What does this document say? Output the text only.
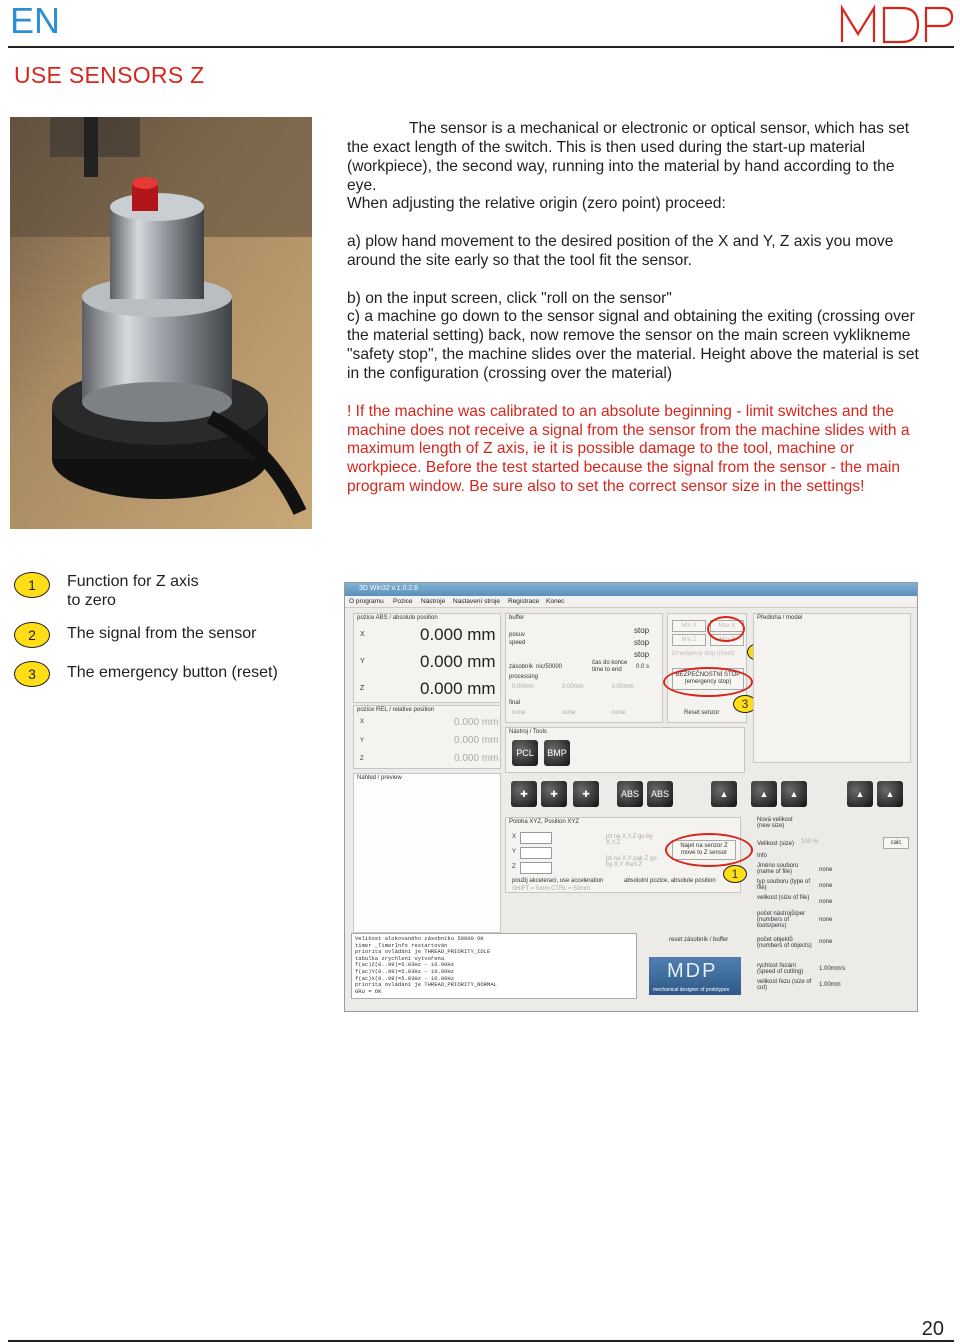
EN
USE SENSORS Z

The sensor is a mechanical or electronic or optical sensor, which has set the exact length of the switch. This is then used during the start-up material (workpiece), the second way, running into the material by hand according to the eye.

When adjusting the relative origin (zero point) proceed:

a) plow hand movement to the desired position of the X and Y, Z axis you move around the site early so that the tool fit the sensor.

b) on the input screen, click "roll on the sensor"

c) a machine go down to the sensor signal and obtaining the exiting (crossing over the material setting) back, now remove the sensor on the main screen vyklikneme "safety stop", the machine slides over the material. Height above the material is set in the configuration (crossing over the material)

! If the machine was calibrated to an absolute beginning - limit switches and the machine does not receive a signal from the sensor from the machine slides with a maximum length of Z axis, ie it is possible damage to the tool, machine or workpiece. Before the test started because the signal from the sensor - the main program window. Be sure also to set the correct sensor size in the settings!

1	Function for Z axis
to zero
2	The signal from the sensor
3	The emergency button (reset)
3D Win32 v.1.0.2.6
O programu Pozice Nástroje Nastavení stroje Registrace Konec
pozice ABS / absolute position
X	0.000 mm
Y	0.000 mm
Z	0.000 mm
pozice REL / relative position
X	0.000 mm
Y	0.000 mm
Z	0.000 mm
buffer
posuv
speed
stop
stop
stop
zásobník nic/50000
čas do konce
time to end 0.0 s
processing
0.00mm	0.00mm	0.00mm
final
none	none	none
Min X	Max X
Min Z	Min Z
Emergency stop (reset)
BEZPEČNOSTNÍ STOP
(emergency stop)
Reset senzor
3
Předloha / model
Nástroj / Tools
PCL	BMP
Náhled / preview
✚	✚	✚	ABS	ABS	▲	▲	▲	▲	▲
Poloha XYZ, Position XYZ
X
Y
Z
jdi na X,Y,Z go by X,Y,Z
jdi na X,Y pak Z go by X,Y then Z
Najet na senzor Z
move to Z sensor
použij akceleraci, use acceleration	absolutní pozice, absolute position
SHIFT = 5mm CTRL = 50mm
1
Nová velikost (new size)
Velikost (size) 100 %	calc
Info
Jméno souboru (name of file)	none
typ souboru (type of file)	none
velikost (size of file)
none
počet nástrojů/per (numbers of tools/pens)
none
počet objektů (numbers of objects)
none
rychlost řezání (speed of cutting)	1.00mm/s
velikost řezu (size of cut)	1.00mm
Velikost alokovaného zásobníku 50000 OK
timer _TimerInfo restartován
priorita ovládání je THREAD_PRIORITY_IDLE
tabulka zrychlení vytvořena
f(ac)Z(0..99)=5.03Hz - 10.00Hz
f(ac)Y(0..99)=5.03Hz - 10.00Hz
f(ac)X(0..99)=5.03Hz - 10.00Hz
priorita ovládání je THREAD_PRIORITY_NORMAL
GRU = OK
reset zásobník / buffer
MDP
mechanical designer of prototypes
20
